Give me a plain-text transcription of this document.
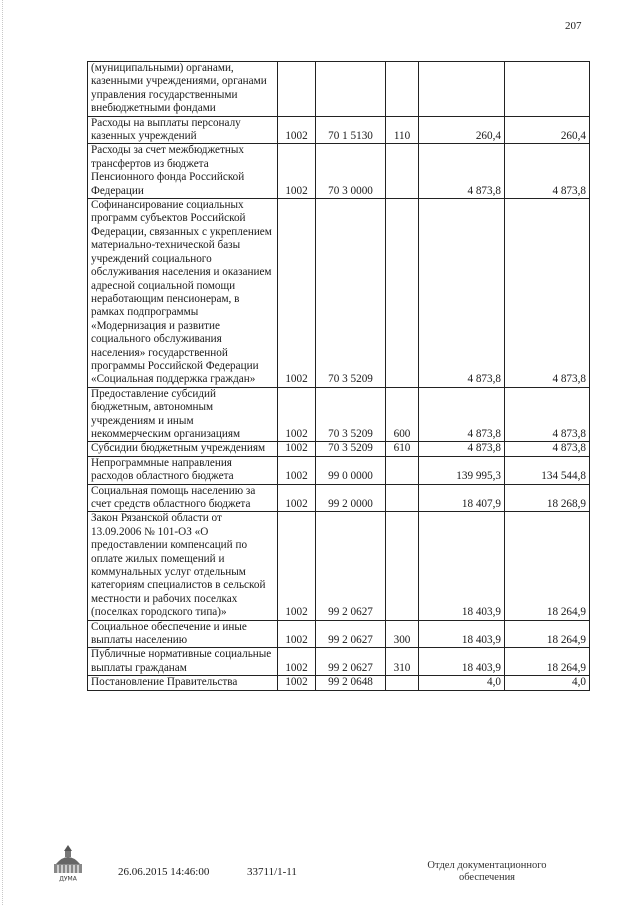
207
(муниципальными) органами, казенными учреждениями, органами управления государственными внебюджетными фондами					
Расходы на выплаты персоналу казенных учреждений	1002	70 1 5130	110	260,4	260,4
Расходы за счет межбюджетных трансфертов из бюджета Пенсионного фонда Российской Федерации	1002	70 3 0000		4 873,8	4 873,8
Софинансирование социальных программ субъектов Российской Федерации, связанных с укреплением материально-технической базы учреждений социального обслуживания населения и оказанием адресной социальной помощи неработающим пенсионерам, в рамках подпрограммы «Модернизация и развитие социального обслуживания населения» государственной программы Российской Федерации «Социальная поддержка граждан»	1002	70 3 5209		4 873,8	4 873,8
Предоставление субсидий бюджетным, автономным учреждениям и иным некоммерческим организациям	1002	70 3 5209	600	4 873,8	4 873,8
Субсидии бюджетным учреждениям	1002	70 3 5209	610	4 873,8	4 873,8
Непрограммные направления расходов областного бюджета	1002	99 0 0000		139 995,3	134 544,8
Социальная помощь населению за счет средств областного бюджета	1002	99 2 0000		18 407,9	18 268,9
Закон Рязанской области от 13.09.2006 № 101-ОЗ «О предоставлении компенсаций по оплате жилых помещений и коммунальных услуг отдельным категориям специалистов в сельской местности и рабочих поселках (поселках городского типа)»	1002	99 2 0627		18 403,9	18 264,9
Социальное обеспечение и иные выплаты населению	1002	99 2 0627	300	18 403,9	18 264,9
Публичные нормативные социальные выплаты гражданам	1002	99 2 0627	310	18 403,9	18 264,9
Постановление Правительства	1002	99 2 0648		4,0	4,0
26.06.2015 14:46:00	33711/1-11
Отдел документационного
обеспечения
ДУМА
